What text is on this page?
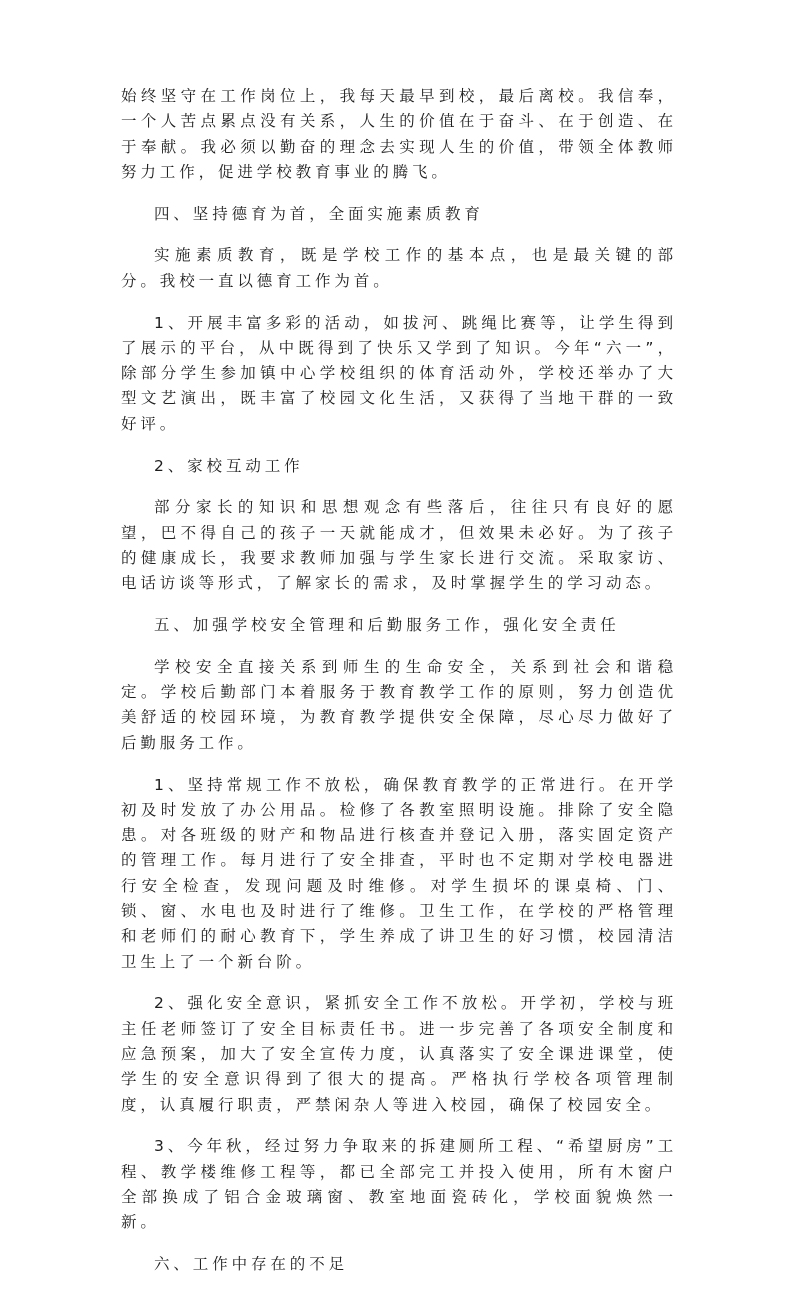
始终坚守在工作岗位上，我每天最早到校，最后离校。我信奉，一个人苦点累点没有关系，人生的价值在于奋斗、在于创造、在于奉献。我必须以勤奋的理念去实现人生的价值，带领全体教师努力工作，促进学校教育事业的腾飞。

四、坚持德育为首，全面实施素质教育

实施素质教育，既是学校工作的基本点，也是最关键的部分。我校一直以德育工作为首。

1、开展丰富多彩的活动，如拔河、跳绳比赛等，让学生得到了展示的平台，从中既得到了快乐又学到了知识。今年“六一”，除部分学生参加镇中心学校组织的体育活动外，学校还举办了大型文艺演出，既丰富了校园文化生活，又获得了当地干群的一致好评。

2、家校互动工作

部分家长的知识和思想观念有些落后，往往只有良好的愿望，巴不得自己的孩子一天就能成才，但效果未必好。为了孩子的健康成长，我要求教师加强与学生家长进行交流。采取家访、电话访谈等形式，了解家长的需求，及时掌握学生的学习动态。

五、加强学校安全管理和后勤服务工作，强化安全责任

学校安全直接关系到师生的生命安全，关系到社会和谐稳定。学校后勤部门本着服务于教育教学工作的原则，努力创造优美舒适的校园环境，为教育教学提供安全保障，尽心尽力做好了后勤服务工作。

1、坚持常规工作不放松，确保教育教学的正常进行。在开学初及时发放了办公用品。检修了各教室照明设施。排除了安全隐患。对各班级的财产和物品进行核查并登记入册，落实固定资产的管理工作。每月进行了安全排查，平时也不定期对学校电器进行安全检查，发现问题及时维修。对学生损坏的课桌椅、门、锁、窗、水电也及时进行了维修。卫生工作，在学校的严格管理和老师们的耐心教育下，学生养成了讲卫生的好习惯，校园清洁卫生上了一个新台阶。

2、强化安全意识，紧抓安全工作不放松。开学初，学校与班主任老师签订了安全目标责任书。进一步完善了各项安全制度和应急预案，加大了安全宣传力度，认真落实了安全课进课堂，使学生的安全意识得到了很大的提高。严格执行学校各项管理制度，认真履行职责，严禁闲杂人等进入校园，确保了校园安全。

3、今年秋，经过努力争取来的拆建厕所工程、“希望厨房”工程、教学楼维修工程等，都已全部完工并投入使用，所有木窗户全部换成了铝合金玻璃窗、教室地面瓷砖化，学校面貌焕然一新。

六、工作中存在的不足
